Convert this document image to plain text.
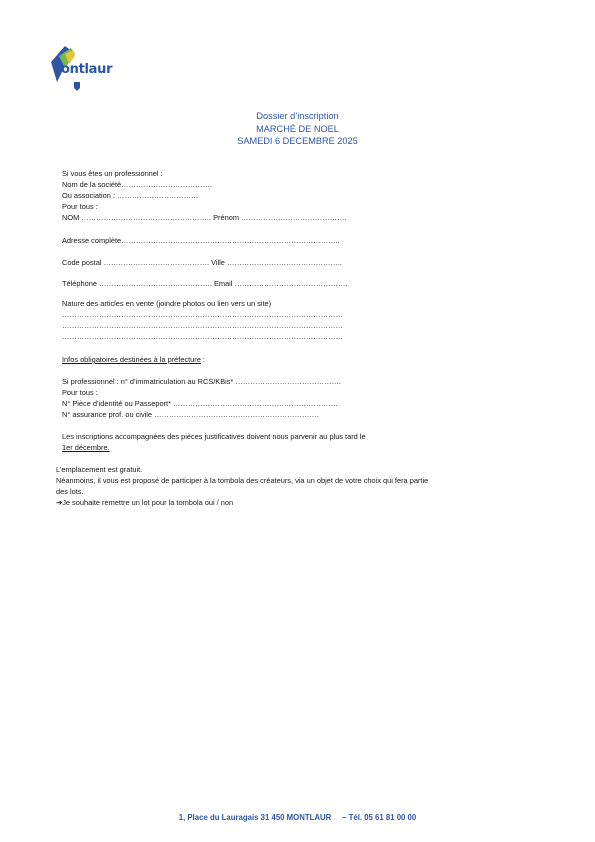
ontlaur
Dossier d’inscription
MARCHÉ DE NOEL
SAMEDI 6 DECEMBRE 2025
Si vous êtes un professionnel :
Nom de la société……………………………….
Ou association : ……………………………
Pour tous :
NOM …………………………………………….. Prénom …………………………………….
Adresse complète……………………………………………………………………………..
Code postal ……………………………………. Ville ………………………………………..
Téléphone ………………………………………. Email ……………………………………….
Nature des articles en vente (joindre photos ou lien vers un site)
……………………………………………………………………………………………………
……………………………………………………………………………………………………
……………………………………………………………………………………………………
Infos obligatoires destinées à la préfecture :
Si professionnel : n° d’immatriculation au RCS/KBis* …………………………………….
Pour tous :
N° Pièce d’identité ou Passeport* ………………………………………………………….
N° assurance prof. ou civile ………………………………………………………….
Les inscriptions accompagnées des pièces justificatives doivent nous parvenir au plus tard le
1er décembre.
L’emplacement est gratuit.
Néanmoins, il vous est proposé de participer à la tombola des créateurs, via un objet de votre choix qui fera partie
des lots.
➔Je souhaite remettre un lot pour la tombola oui / non
1, Place du Lauragais 31 450 MONTLAUR     – Tél. 05 61 81 00 00
